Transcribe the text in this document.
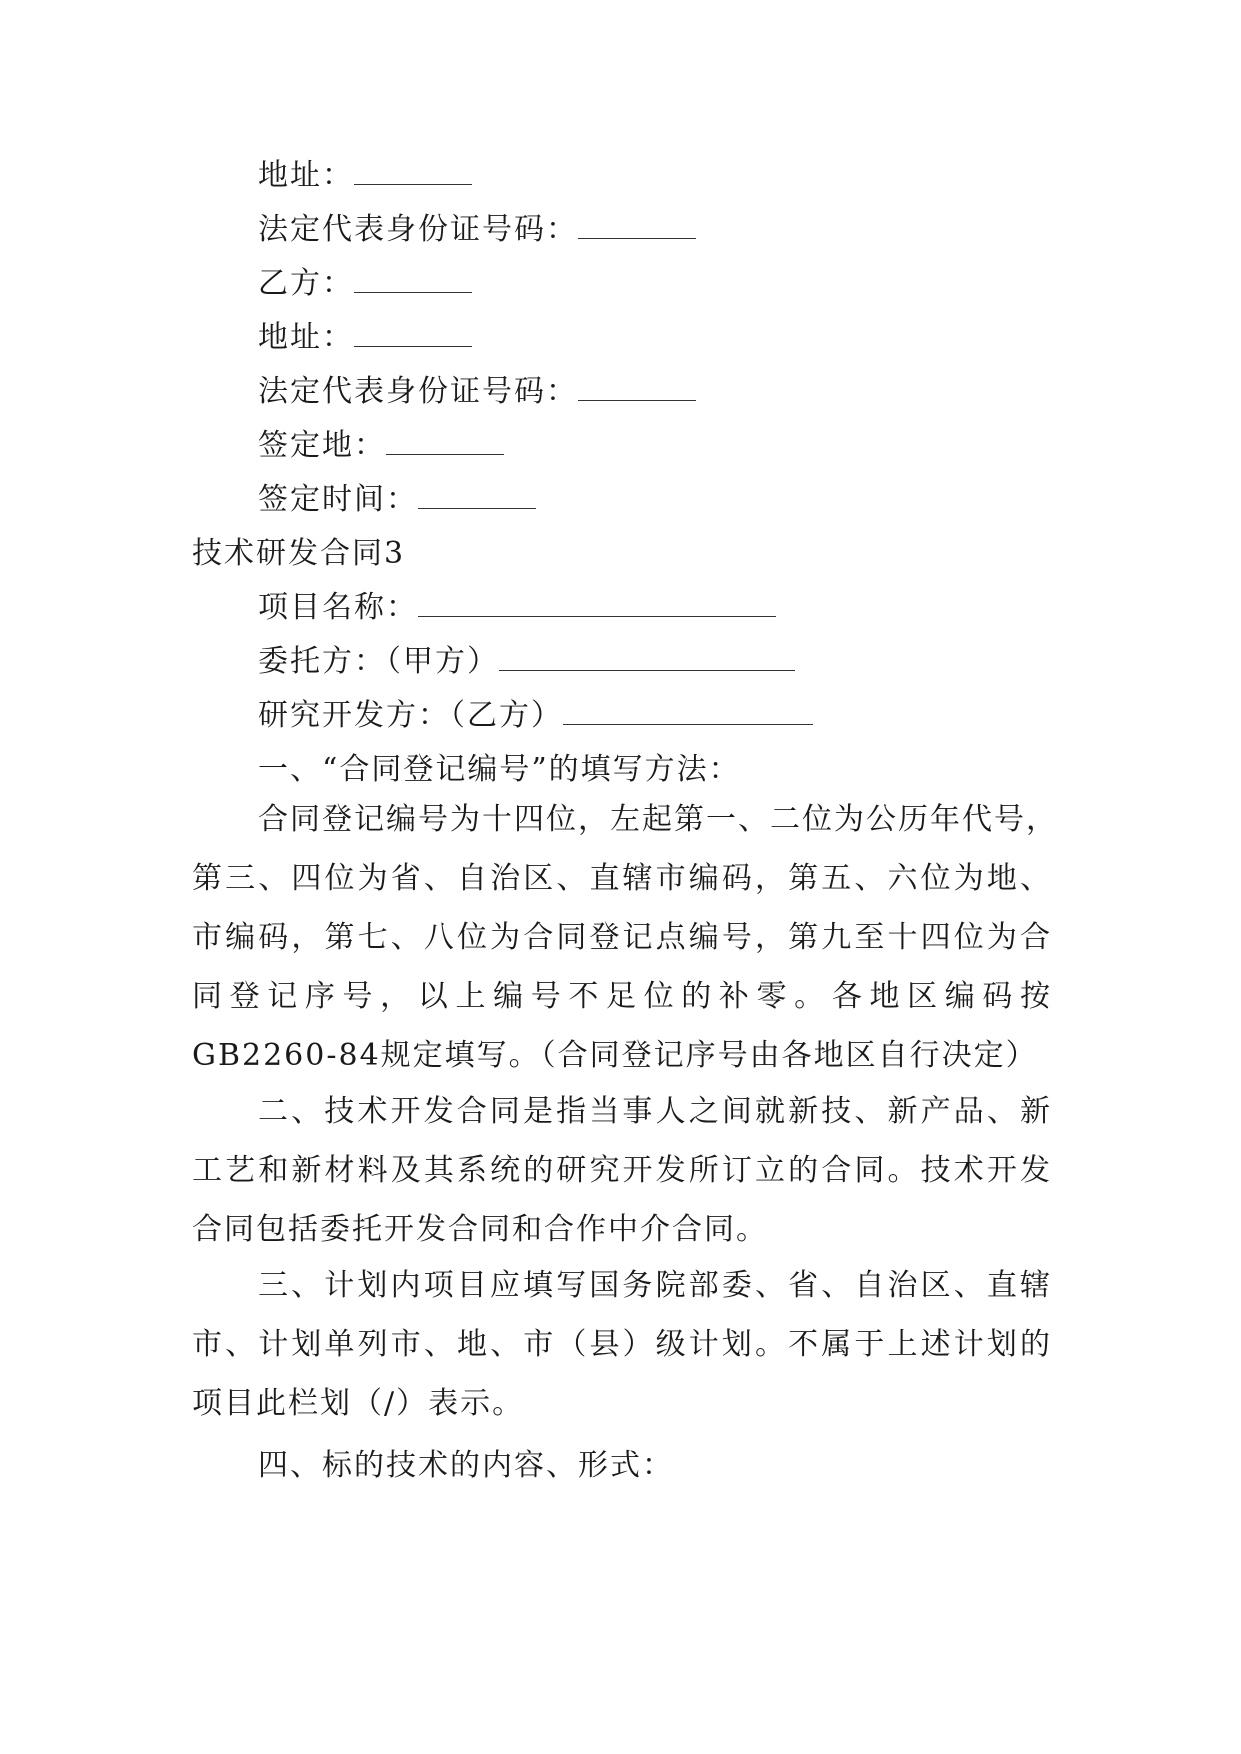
地址：
法定代表身份证号码：
乙方：
地址：
法定代表身份证号码：
签定地：
签定时间：
技术研发合同3
项目名称：
委托方：（甲方）
研究开发方：（乙方）
一、“合同登记编号”的填写方法：
合同登记编号为十四位，左起第一、二位为公历年代号，
第三、四位为省、自治区、直辖市编码，第五、六位为地、
市编码，第七、八位为合同登记点编号，第九至十四位为合
同登记序号，以上编号不足位的补零。各地区编码按
GB2260-84规定填写。（合同登记序号由各地区自行决定）
二、技术开发合同是指当事人之间就新技、新产品、新
工艺和新材料及其系统的研究开发所订立的合同。技术开发
合同包括委托开发合同和合作中介合同。
三、计划内项目应填写国务院部委、省、自治区、直辖
市、计划单列市、地、市（县）级计划。不属于上述计划的
项目此栏划（/）表示。
四、标的技术的内容、形式：
